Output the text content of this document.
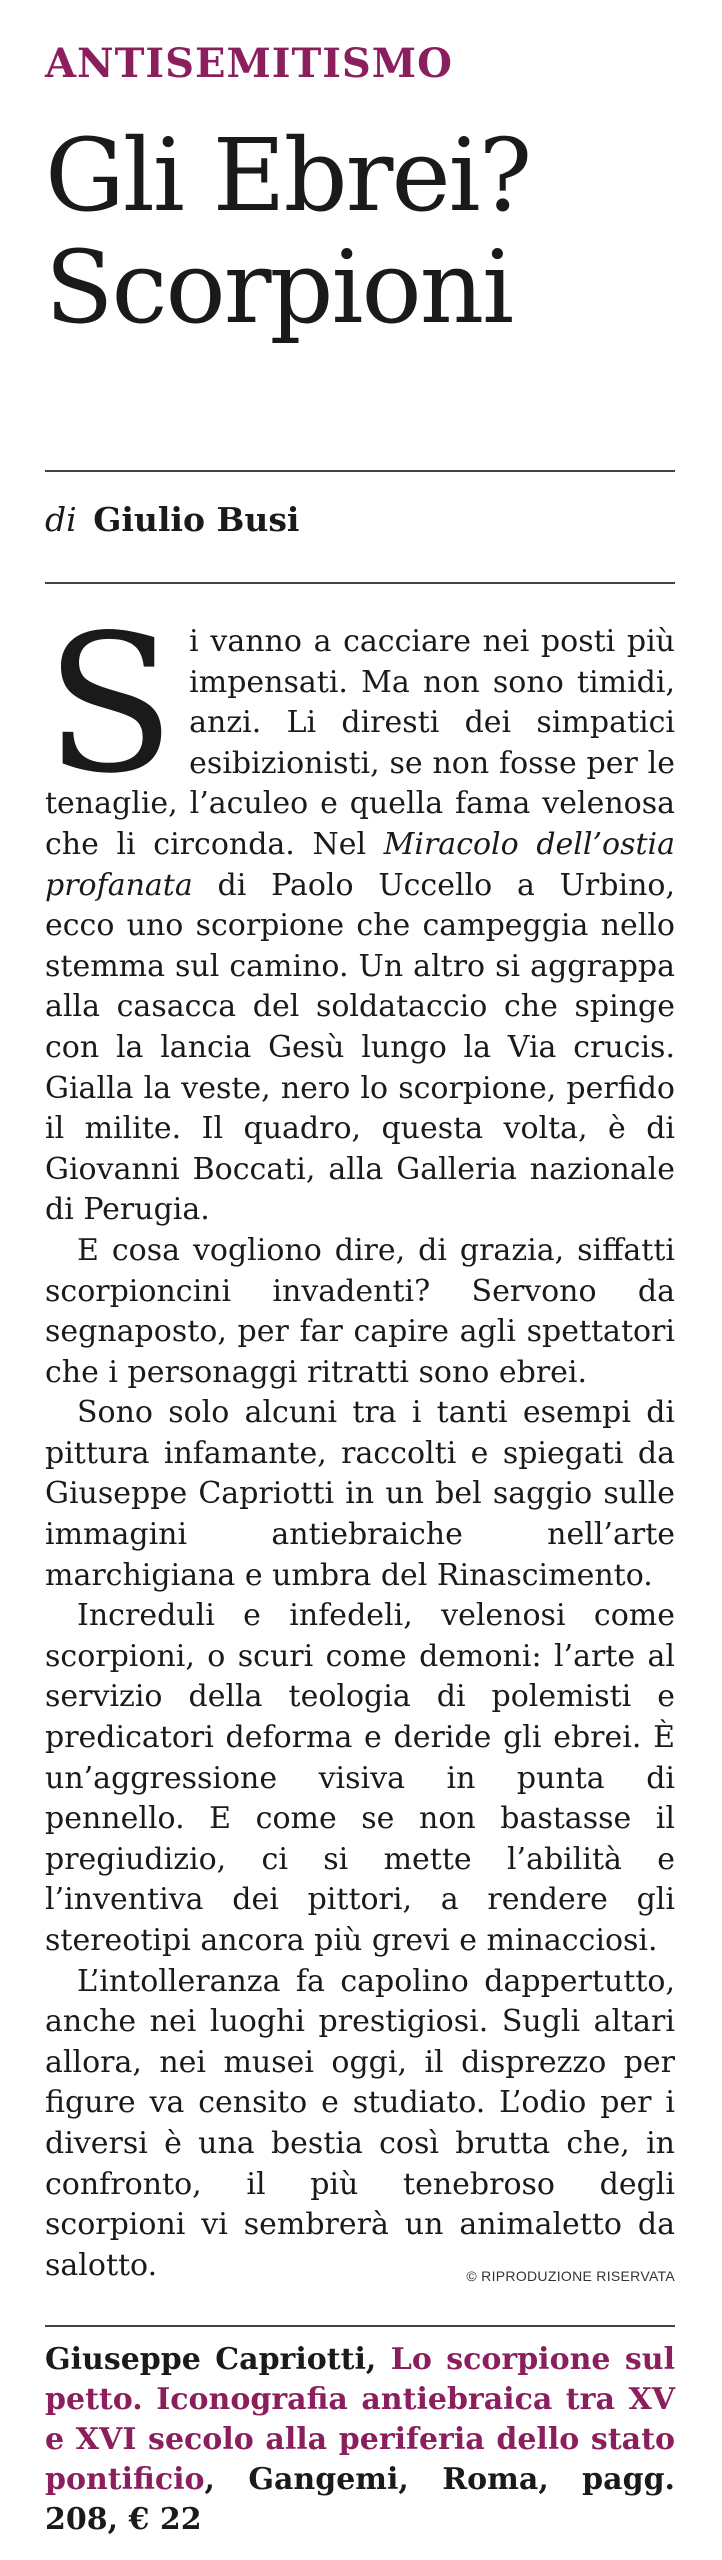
ANTISEMITISMO
Gli Ebrei? Scorpioni
di Giulio Busi

Si vanno a cacciare nei posti più impensati. Ma non sono timidi, anzi. Li diresti dei simpatici esibizionisti, se non fosse per le tenaglie, l’aculeo e quella fama velenosa che li circonda. Nel Miracolo dell’ostia profanata di Paolo Uccello a Urbino, ecco uno scorpione che campeggia nello stemma sul camino. Un altro si aggrappa alla casacca del soldataccio che spinge con la lancia Gesù lungo la Via crucis. Gialla la veste, nero lo scorpione, perfido il milite. Il quadro, questa volta, è di Giovanni Boccati, alla Galleria nazionale di Perugia.

E cosa vogliono dire, di grazia, siffatti scorpioncini invadenti? Servono da segnaposto, per far capire agli spettatori che i personaggi ritratti sono ebrei.

Sono solo alcuni tra i tanti esempi di pittura infamante, raccolti e spiegati da Giuseppe Capriotti in un bel saggio sulle immagini antiebraiche nell’arte marchigiana e umbra del Rinascimento.

Increduli e infedeli, velenosi come scorpioni, o scuri come demoni: l’arte al servizio della teologia di polemisti e predicatori deforma e deride gli ebrei. È un’aggressione visiva in punta di pennello. E come se non bastasse il pregiudizio, ci si mette l’abilità e l’inventiva dei pittori, a rendere gli stereotipi ancora più grevi e minacciosi.

L’intolleranza fa capolino dappertutto, anche nei luoghi prestigiosi. Sugli altari allora, nei musei oggi, il disprezzo per figure va censito e studiato. L’odio per i diversi è una bestia così brutta che, in confronto, il più tenebroso degli scorpioni vi sembrerà un animaletto da salotto.	© RIPRODUZIONE RISERVATA
Giuseppe Capriotti, Lo scorpione sul petto. Iconografia antiebraica tra XV e XVI secolo alla periferia dello stato pontificio, Gangemi, Roma, pagg. 208, € 22
